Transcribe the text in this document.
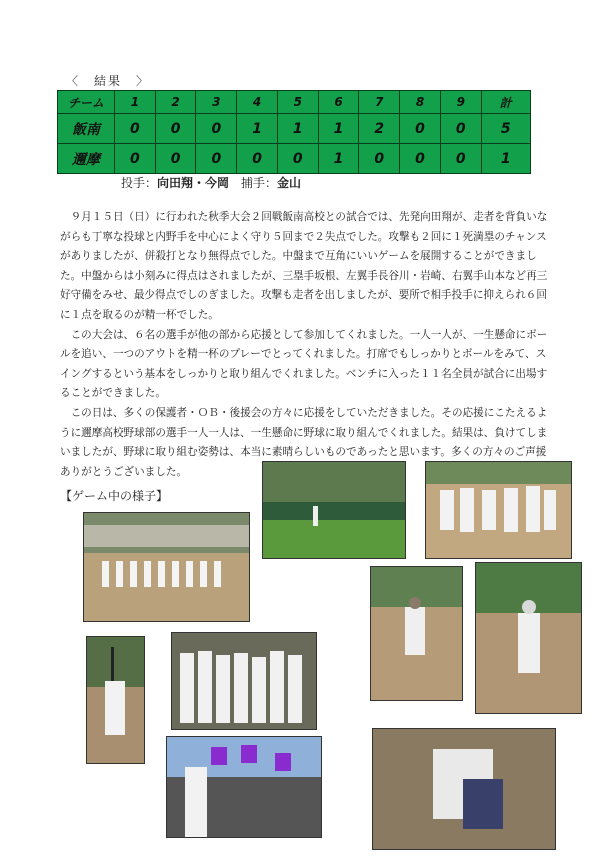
〈　結果　〉
チーム	1	2	3	4	5	6	7	8	9	計
飯南	0	0	0	1	1	1	2	0	0	5
邇摩	0	0	0	0	0	1	0	0	0	1
投手：向田翔・今岡 捕手：金山

９月１５日（日）に行われた秋季大会２回戦飯南高校との試合では、先発向田翔が、走者を背負いながらも丁寧な投球と内野手を中心によく守り５回まで２失点でした。攻撃も２回に１死満塁のチャンスがありましたが、併殺打となり無得点でした。中盤まで互角にいいゲームを展開することができました。中盤からは小刻みに得点はされましたが、三塁手坂根、左翼手長谷川・岩崎、右翼手山本など再三好守備をみせ、最少得点でしのぎました。攻撃も走者を出しましたが、要所で相手投手に抑えられ６回に１点を取るのが精一杯でした。

この大会は、６名の選手が他の部から応援として参加してくれました。一人一人が、一生懸命にボールを追い、一つのアウトを精一杯のプレーでとってくれました。打席でもしっかりとボールをみて、スイングするという基本をしっかりと取り組んでくれました。ベンチに入った１１名全員が試合に出場することができました。

この日は、多くの保護者・ＯＢ・後援会の方々に応援をしていただきました。その応援にこたえるように邇摩高校野球部の選手一人一人は、一生懸命に野球に取り組んでくれました。結果は、負けてしまいましたが、野球に取り組む姿勢は、本当に素晴らしいものであったと思います。多くの方々のご声援ありがとうございました。

【ゲーム中の様子】
